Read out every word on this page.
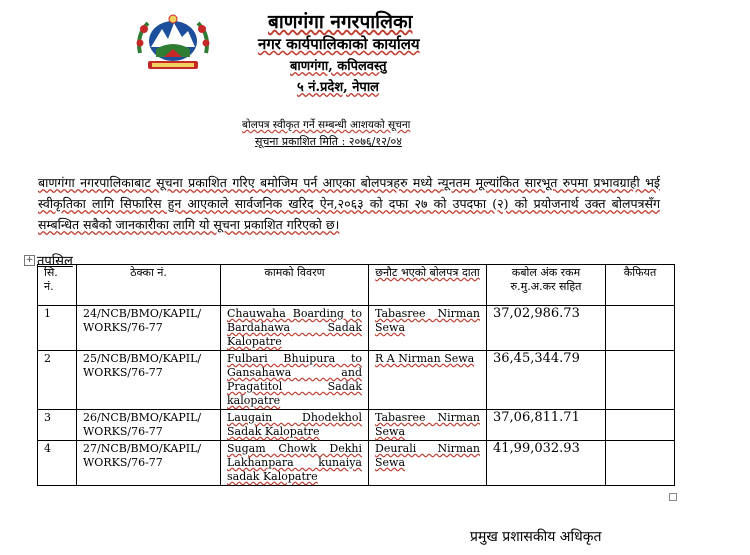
बाणगंगा नगरपालिका
नगर कार्यपालिकाको कार्यालय
बाणगंगा, कपिलवस्तु
५ नं.प्रदेश, नेपाल
बोलपत्र स्वीकृत गर्ने सम्बन्धी आशयको सूचना
सूचना प्रकाशित मिति : २०७६/१२/०४
बाणगंगा नगरपालिकाबाट सूचना प्रकाशित गरिए बमोजिम पर्न आएका बोलपत्रहरु मध्ये न्यूनतम मूल्यांकित सारभूत रुपमा प्रभावग्राही भई स्वीकृतिका लागि सिफारिस हुन आएकाले सार्वजनिक खरिद ऐन,२०६३ को दफा २७ को उपदफा (२) को प्रयोजनार्थ उक्त बोलपत्रसँग सम्बन्धित सबैको जानकारीका लागि यो सूचना प्रकाशित गरिएको छ।
+ तपसिल
सि. नं.	ठेक्का नं.	कामको विवरण	छनौट भएको बोलपत्र दाता	कबोल अंक रकम रु.मु.अ.कर सहित	कैफियत
1	24/NCB/BMO/KAPIL/ WORKS/76-77	Chauwaha Boarding to Bardahawa Sadak Kalopatre	Tabasree Nirman Sewa	37,02,986.73	
2	25/NCB/BMO/KAPIL/ WORKS/76-77	Fulbari Bhuipura to Gansahawa and Pragatitol Sadak kalopatre	R A Nirman Sewa	36,45,344.79	
3	26/NCB/BMO/KAPIL/ WORKS/76-77	Laugain Dhodekhol Sadak Kalopatre	Tabasree Nirman Sewa	37,06,811.71	
4	27/NCB/BMO/KAPIL/ WORKS/76-77	Sugam Chowk Dekhi Lakhanpara kunaiya sadak Kalopatre	Deurali Nirman Sewa	41,99,032.93	
प्रमुख प्रशासकीय अधिकृत
